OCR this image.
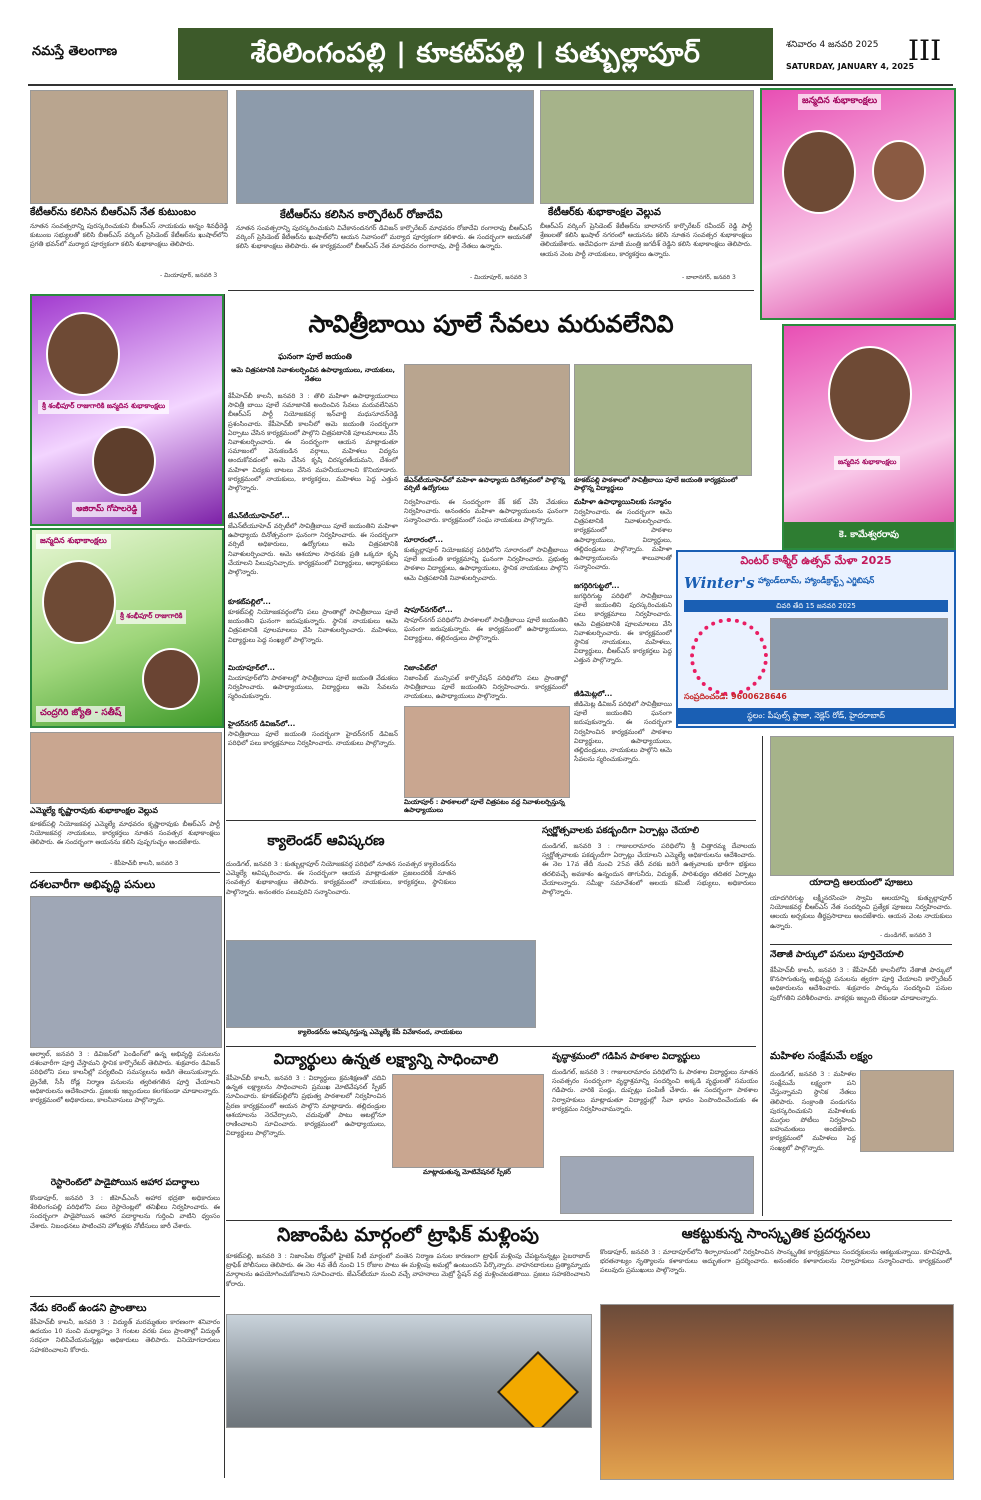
నమస్తే తెలంగాణ	శేరిలింగంపల్లి | కూకట్‌పల్లి | కుత్బుల్లాపూర్	శనివారం 4 జనవరి 2025
SATURDAY, JANUARY 4, 2025
III
కేటీఆర్‌ను కలిసిన బీఆర్‌ఎస్ నేత కుటుంబం
నూతన సంవత్సరాన్ని పురస్కరించుకుని బీఆర్‌ఎస్ నాయకుడు అన్నం శివధీరెడ్డి కుటుంబ సభ్యులతో కలిసి బీఆర్‌ఎస్ వర్కింగ్ ప్రెసిడెంట్ కేటీఆర్‌ను ఖుషాల్‌లోని ప్రగతి భవన్‌లో మర్యాద పూర్వకంగా కలిసి శుభాకాంక్షలు తెలిపారు.
- మియాపూర్, జనవరి 3
కేటీఆర్‌ను కలిసిన కార్పొరేటర్ రోజాదేవి
నూతన సంవత్సరాన్ని పురస్కరించుకుని వివేకానందనగర్ డివిజన్ కార్పొరేటర్ మాధవరం రోజాదేవి రంగారావు బీఆర్‌ఎస్ వర్కింగ్ ప్రెసిడెంట్ కేటీఆర్‌ను ఖుషాల్‌లోని ఆయన నివాసంలో మర్యాద పూర్వకంగా కలిశారు. ఈ సందర్భంగా ఆయనతో కలిసి శుభాకాంక్షలు తెలిపారు. ఈ కార్యక్రమంలో బీఆర్‌ఎస్ నేత మాధవరం రంగారావు, పార్టీ నేతలు ఉన్నారు.
- మియాపూర్, జనవరి 3
కేటీఆర్‌కు శుభాకాంక్షల వెల్లువ
బీఆర్‌ఎస్ వర్కింగ్ ప్రెసిడెంట్ కేటీఆర్‌ను బాలానగర్ కార్పొరేటర్ రవీందర్ రెడ్డి పార్టీ శ్రేణులతో కలిసి ఖుషాల్ నగరంలో ఆయనను కలిసి నూతన సంవత్సర శుభాకాంక్షలు తెలియజేశారు. అదేవిధంగా మాజీ మంత్రి జగదీశ్ రెడ్డిని కలిసి శుభాకాంక్షలు తెలిపారు. ఆయన వెంట పార్టీ నాయకులు, కార్యకర్తలు ఉన్నారు.
- బాలానగర్, జనవరి 3
జన్మదిన శుభాకాంక్షలు
శ్రీ శంభీపూర్ రాజుగారికి జన్మదిన శుభాకాంక్షలు
అజిరామ్ గోపాలరెడ్డి
జన్మదిన శుభాకాంక్షలు
శ్రీ శంభీపూర్ రాజుగారికి
చంద్రగిరి జ్యోతి - సతీష్
ఎమ్మెల్యే కృష్ణారావుకు శుభాకాంక్షల వెల్లువ
కూకట్‌పల్లి నియోజకవర్గ ఎమ్మెల్యే మాధవరం కృష్ణారావుకు బీఆర్‌ఎస్ పార్టీ నియోజకవర్గ నాయకులు, కార్యకర్తలు నూతన సంవత్సర శుభాకాంక్షలు తెలిపారు. ఈ సందర్భంగా ఆయనను కలిసి పుష్పగుచ్ఛం అందజేశారు.
- కేపీహెచ్‌బీ కాలనీ, జనవరి 3
దశలవారీగా అభివృద్ధి పనులు
అల్వాల్, జనవరి 3 : డివిజన్‌లో పెండింగ్‌లో ఉన్న అభివృద్ధి పనులను దశలవారీగా పూర్తి చేస్తామని స్థానిక కార్పొరేటర్ తెలిపారు. శుక్రవారం డివిజన్ పరిధిలోని పలు కాలనీల్లో పర్యటించి సమస్యలను అడిగి తెలుసుకున్నారు. డ్రైనేజీ, సీసీ రోడ్ల నిర్మాణ పనులను త్వరితగతిన పూర్తి చేయాలని అధికారులను ఆదేశించారు. ప్రజలకు ఇబ్బందులు కలగకుండా చూడాలన్నారు. కార్యక్రమంలో అధికారులు, కాలనీవాసులు పాల్గొన్నారు.
రెస్టారెంట్‌లో పాడైపోయిన ఆహార పదార్థాలు
కొండాపూర్, జనవరి 3 : జీహెచ్‌ఎంసీ ఆహార భద్రతా అధికారులు శేరిలింగంపల్లి పరిధిలోని పలు రెస్టారెంట్లలో తనిఖీలు నిర్వహించారు. ఈ సందర్భంగా పాడైపోయిన ఆహార పదార్థాలను గుర్తించి వాటిని ధ్వంసం చేశారు. నిబంధనలు పాటించని హోటళ్లకు నోటీసులు జారీ చేశారు.
నేడు కరెంట్ ఉండని ప్రాంతాలు
కేపీహెచ్‌బీ కాలనీ, జనవరి 3 : విద్యుత్ మరమ్మతుల కారణంగా శనివారం ఉదయం 10 నుంచి మధ్యాహ్నం 3 గంటల వరకు పలు ప్రాంతాల్లో విద్యుత్ సరఫరా నిలిపివేయనున్నట్లు అధికారులు తెలిపారు. వినియోగదారులు సహకరించాలని కోరారు.
సావిత్రీబాయి పూలే సేవలు మరువలేనివి
ఘనంగా పూలే జయంతి
ఆమె చిత్రపటానికి నివాళులర్పించిన ఉపాధ్యాయులు, నాయకులు, నేతలు
కేపీహెచ్‌బీ కాలనీ, జనవరి 3 : తొలి మహిళా ఉపాధ్యాయురాలు సావిత్రీ బాయి పూలే సమాజానికి అందించిన సేవలు మరువలేనివని బీఆర్‌ఎస్ పార్టీ నియోజకవర్గ ఇన్‌చార్జి మధుసూదన్‌రెడ్డి ప్రశంసించారు. కేపీహెచ్‌బీ కాలనీలో ఆమె జయంతి సందర్భంగా ఏర్పాటు చేసిన కార్యక్రమంలో పాల్గొని చిత్రపటానికి పూలమాలలు వేసి నివాళులర్పించారు. ఈ సందర్భంగా ఆయన మాట్లాడుతూ సమాజంలో వెనుకబడిన వర్గాలు, మహిళలు విద్యను అందుకోవడంలో ఆమె చేసిన కృషి చిరస్మరణీయమని, దేశంలో మహిళా విద్యకు బాటలు వేసిన మహనీయురాలని కొనియాడారు. కార్యక్రమంలో నాయకులు, కార్యకర్తలు, మహిళలు పెద్ద ఎత్తున పాల్గొన్నారు.
జేఎన్‌టీయూహెచ్‌లో...
జేఎన్‌టీయూహెచ్‌ వర్సిటీలో సావిత్రీబాయి పూలే జయంతిని మహిళా ఉపాధ్యాయ దినోత్సవంగా ఘనంగా నిర్వహించారు. ఈ సందర్భంగా వర్సిటీ అధికారులు, ఉద్యోగులు ఆమె చిత్రపటానికి నివాళులర్పించారు. ఆమె ఆశయాల సాధనకు ప్రతి ఒక్కరూ కృషి చేయాలని పిలుపునిచ్చారు. కార్యక్రమంలో విద్యార్థులు, అధ్యాపకులు పాల్గొన్నారు.
కూకట్‌పల్లిలో...
కూకట్‌పల్లి నియోజకవర్గంలోని పలు ప్రాంతాల్లో సావిత్రీబాయి పూలే జయంతిని ఘనంగా జరుపుకున్నారు. స్థానిక నాయకులు ఆమె చిత్రపటానికి పూలమాలలు వేసి నివాళులర్పించారు. మహిళలు, విద్యార్థులు పెద్ద సంఖ్యలో పాల్గొన్నారు.
మియాపూర్‌లో...
మియాపూర్‌లోని పాఠశాలల్లో సావిత్రీబాయి పూలే జయంతి వేడుకలు నిర్వహించారు. ఉపాధ్యాయులు, విద్యార్థులు ఆమె సేవలను స్మరించుకున్నారు.
హైదర్‌నగర్ డివిజన్‌లో...
సావిత్రీబాయి పూలే జయంతి సందర్భంగా హైదర్‌నగర్ డివిజన్ పరిధిలో పలు కార్యక్రమాలు నిర్వహించారు. నాయకులు పాల్గొన్నారు.
జేఎన్‌టీయూహెచ్‌లో మహిళా ఉపాధ్యాయ దినోత్సవంలో పాల్గొన్న వర్సిటీ ఉద్యోగులు
కూకట్‌పల్లి పాఠశాలలో సావిత్రీబాయి పూలే జయంతి కార్యక్రమంలో పాల్గొన్న విద్యార్థులు
నిర్వహించారు. ఈ సందర్భంగా కేక్ కట్ చేసి వేడుకలు నిర్వహించారు. అనంతరం మహిళా ఉపాధ్యాయులను ఘనంగా సన్మానించారు. కార్యక్రమంలో సంఘ నాయకులు పాల్గొన్నారు.
సూరారంలో...
కుత్బుల్లాపూర్ నియోజకవర్గ పరిధిలోని సూరారంలో సావిత్రీబాయి పూలే జయంతి కార్యక్రమాన్ని ఘనంగా నిర్వహించారు. ప్రభుత్వ పాఠశాల విద్యార్థులు, ఉపాధ్యాయులు, స్థానిక నాయకులు పాల్గొని ఆమె చిత్రపటానికి నివాళులర్పించారు.
షాపూర్‌నగర్‌లో...
షాపూర్‌నగర్ పరిధిలోని పాఠశాలలో సావిత్రీబాయి పూలే జయంతిని ఘనంగా జరుపుకున్నారు. ఈ కార్యక్రమంలో ఉపాధ్యాయులు, విద్యార్థులు, తల్లిదండ్రులు పాల్గొన్నారు.
నిజాంపేట్‌లో
నిజాంపేట్ మున్సిపల్ కార్పొరేషన్ పరిధిలోని పలు ప్రాంతాల్లో సావిత్రీబాయి పూలే జయంతిని నిర్వహించారు. కార్యక్రమంలో నాయకులు, ఉపాధ్యాయులు పాల్గొన్నారు.
మహిళా ఉపాధ్యాయినిలకు సన్మానం
నిర్వహించారు. ఈ సందర్భంగా ఆమె చిత్రపటానికి నివాళులర్పించారు. కార్యక్రమంలో పాఠశాల ఉపాధ్యాయులు, విద్యార్థులు, తల్లిదండ్రులు పాల్గొన్నారు. మహిళా ఉపాధ్యాయులను శాలువాలతో సన్మానించారు.
జగద్గిరిగుట్టలో...
జగద్గిరిగుట్ట పరిధిలో సావిత్రీబాయి పూలే జయంతిని పురస్కరించుకుని పలు కార్యక్రమాలు నిర్వహించారు. ఆమె చిత్రపటానికి పూలమాలలు వేసి నివాళులర్పించారు. ఈ కార్యక్రమంలో స్థానిక నాయకులు, మహిళలు, విద్యార్థులు, బీఆర్‌ఎస్ కార్యకర్తలు పెద్ద ఎత్తున పాల్గొన్నారు.
జీడిమెట్లలో...
జీడిమెట్ల డివిజన్ పరిధిలో సావిత్రీబాయి పూలే జయంతిని ఘనంగా జరుపుకున్నారు. ఈ సందర్భంగా నిర్వహించిన కార్యక్రమంలో పాఠశాల విద్యార్థులు, ఉపాధ్యాయులు, తల్లిదండ్రులు, నాయకులు పాల్గొని ఆమె సేవలను స్మరించుకున్నారు.
మియాపూర్ : పాఠశాలలో పూలే చిత్రపటం వద్ద నివాళులర్పిస్తున్న ఉపాధ్యాయులు
జన్మదిన శుభాకాంక్షలు
కె. కామేశ్వరరావు
వింటర్ కాశ్మీర్ ఉత్సవ్ మేళా 2025
Winter's హ్యాండ్‌లూమ్, హ్యాండీక్రాఫ్ట్స్ ఎగ్జిబిషన్
చివరి తేది 15 జనవరి 2025
సంప్రదించండి: 9600628646
స్థలం: పీపుల్స్ ప్లాజా, నెక్లెస్ రోడ్, హైదరాబాద్
క్యాలెండర్ ఆవిష్కరణ
దుండిగల్, జనవరి 3 : కుత్బుల్లాపూర్ నియోజకవర్గ పరిధిలో నూతన సంవత్సర క్యాలెండర్‌ను ఎమ్మెల్యే ఆవిష్కరించారు. ఈ సందర్భంగా ఆయన మాట్లాడుతూ ప్రజలందరికీ నూతన సంవత్సర శుభాకాంక్షలు తెలిపారు. కార్యక్రమంలో నాయకులు, కార్యకర్తలు, స్థానికులు పాల్గొన్నారు. అనంతరం పలువురిని సన్మానించారు.
క్యాలెండర్‌ను ఆవిష్కరిస్తున్న ఎమ్మెల్యే కేపీ వివేకానంద, నాయకులు
స్వర్ణోత్సవాలకు పకడ్బందీగా ఏర్పాట్లు చేయాలి
దుండిగల్, జనవరి 3 : గాజులరామారం పరిధిలోని శ్రీ చిత్తారమ్మ దేవాలయ స్వర్ణోత్సవాలకు పకడ్బందీగా ఏర్పాట్లు చేయాలని ఎమ్మెల్యే అధికారులను ఆదేశించారు. ఈ నెల 17వ తేదీ నుంచి 25వ తేదీ వరకు జరిగే ఉత్సవాలకు భారీగా భక్తులు తరలివచ్చే అవకాశం ఉన్నందున తాగునీరు, విద్యుత్, పారిశుధ్యం తదితర ఏర్పాట్లు చేయాలన్నారు. సమీక్షా సమావేశంలో ఆలయ కమిటీ సభ్యులు, అధికారులు పాల్గొన్నారు.
యాదాద్రి ఆలయంలో పూజలు
యాదగిరిగుట్ట లక్ష్మీనరసింహ స్వామి ఆలయాన్ని కుత్బుల్లాపూర్ నియోజకవర్గ బీఆర్‌ఎస్ నేత సందర్శించి ప్రత్యేక పూజలు నిర్వహించారు. ఆలయ అర్చకులు తీర్థప్రసాదాలు అందజేశారు. ఆయన వెంట నాయకులు ఉన్నారు.
- దుండిగల్, జనవరి 3
నేతాజీ పార్కులో పనులు పూర్తిచేయాలి
కేపీహెచ్‌బీ కాలనీ, జనవరి 3 : కేపీహెచ్‌బీ కాలనీలోని నేతాజీ పార్కులో కొనసాగుతున్న అభివృద్ధి పనులను త్వరగా పూర్తి చేయాలని కార్పొరేటర్ అధికారులను ఆదేశించారు. శుక్రవారం పార్కును సందర్శించి పనుల పురోగతిని పరిశీలించారు. వాకర్లకు ఇబ్బంది లేకుండా చూడాలన్నారు.
విద్యార్థులు ఉన్నత లక్ష్యాన్ని సాధించాలి
కేపీహెచ్‌బీ కాలనీ, జనవరి 3 : విద్యార్థులు క్రమశిక్షణతో చదివి ఉన్నత లక్ష్యాలను సాధించాలని ప్రముఖ మోటివేషనల్ స్పీకర్ సూచించారు. కూకట్‌పల్లిలోని ప్రభుత్వ పాఠశాలలో నిర్వహించిన ప్రేరణ కార్యక్రమంలో ఆయన పాల్గొని మాట్లాడారు. తల్లిదండ్రుల ఆశయాలను నెరవేర్చాలని, చదువుతో పాటు ఆటల్లోనూ రాణించాలని సూచించారు. కార్యక్రమంలో ఉపాధ్యాయులు, విద్యార్థులు పాల్గొన్నారు.
మాట్లాడుతున్న మోటివేషనల్ స్పీకర్
వృద్ధాశ్రమంలో గడిపిన పాఠశాల విద్యార్థులు
దుండిగల్, జనవరి 3 : గాజులరామారం పరిధిలోని ఓ పాఠశాల విద్యార్థులు నూతన సంవత్సరం సందర్భంగా వృద్ధాశ్రమాన్ని సందర్శించి అక్కడి వృద్ధులతో సమయం గడిపారు. వారికి పండ్లు, దుప్పట్లు పంపిణీ చేశారు. ఈ సందర్భంగా పాఠశాల నిర్వాహకులు మాట్లాడుతూ విద్యార్థుల్లో సేవా భావం పెంపొందించేందుకు ఈ కార్యక్రమం నిర్వహించామన్నారు.
మహిళల సంక్షేమమే లక్ష్యం
దుండిగల్, జనవరి 3 : మహిళల సంక్షేమమే లక్ష్యంగా పని చేస్తున్నామని స్థానిక నేతలు తెలిపారు. సంక్రాంతి పండుగను పురస్కరించుకుని మహిళలకు ముగ్గుల పోటీలు నిర్వహించి బహుమతులు అందజేశారు. కార్యక్రమంలో మహిళలు పెద్ద సంఖ్యలో పాల్గొన్నారు.
నిజాంపేట మార్గంలో ట్రాఫిక్ మళ్లింపు
కూకట్‌పల్లి, జనవరి 3 : నిజాంపేట రోడ్డులో హైటెక్ సిటీ మార్గంలో వంతెన నిర్మాణ పనుల కారణంగా ట్రాఫిక్ మళ్లింపు చేపట్టనున్నట్లు సైబరాబాద్ ట్రాఫిక్ పోలీసులు తెలిపారు. ఈ నెల 4వ తేదీ నుంచి 15 రోజుల పాటు ఈ మళ్లింపు అమల్లో ఉంటుందని పేర్కొన్నారు. వాహనదారులు ప్రత్యామ్నాయ మార్గాలను ఉపయోగించుకోవాలని సూచించారు. జేఎన్‌టీయూ నుంచి వచ్చే వాహనాలు మెట్రో స్టేషన్ వద్ద మళ్లించబడతాయి. ప్రజలు సహకరించాలని కోరారు.
ఆకట్టుకున్న సాంస్కృతిక ప్రదర్శనలు
కొండాపూర్, జనవరి 3 : మాదాపూర్‌లోని శిల్పారామంలో నిర్వహించిన సాంస్కృతిక కార్యక్రమాలు సందర్శకులను ఆకట్టుకున్నాయి. కూచిపూడి, భరతనాట్యం నృత్యాలను కళాకారులు అద్భుతంగా ప్రదర్శించారు. అనంతరం కళాకారులను నిర్వాహకులు సన్మానించారు. కార్యక్రమంలో పలువురు ప్రముఖులు పాల్గొన్నారు.
